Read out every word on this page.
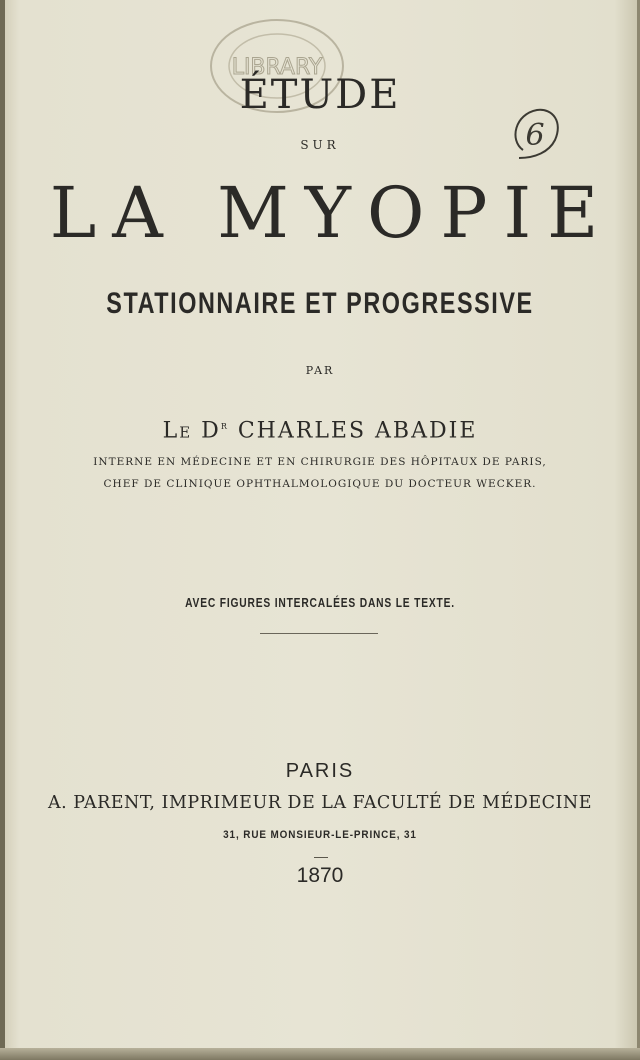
LIBRARY
6
ÉTUDE
SUR
LA MYOPIE
STATIONNAIRE ET PROGRESSIVE
PAR
Le $D^r$ CHARLES ABADIE
INTERNE EN MÉDECINE ET EN CHIRURGIE DES HÔPITAUX DE PARIS,
CHEF DE CLINIQUE OPHTHALMOLOGIQUE DU DOCTEUR WECKER.
AVEC FIGURES INTERCALÉES DANS LE TEXTE.
PARIS
A. PARENT, IMPRIMEUR DE LA FACULTÉ DE MÉDECINE
31, RUE MONSIEUR-LE-PRINCE, 31
1870
